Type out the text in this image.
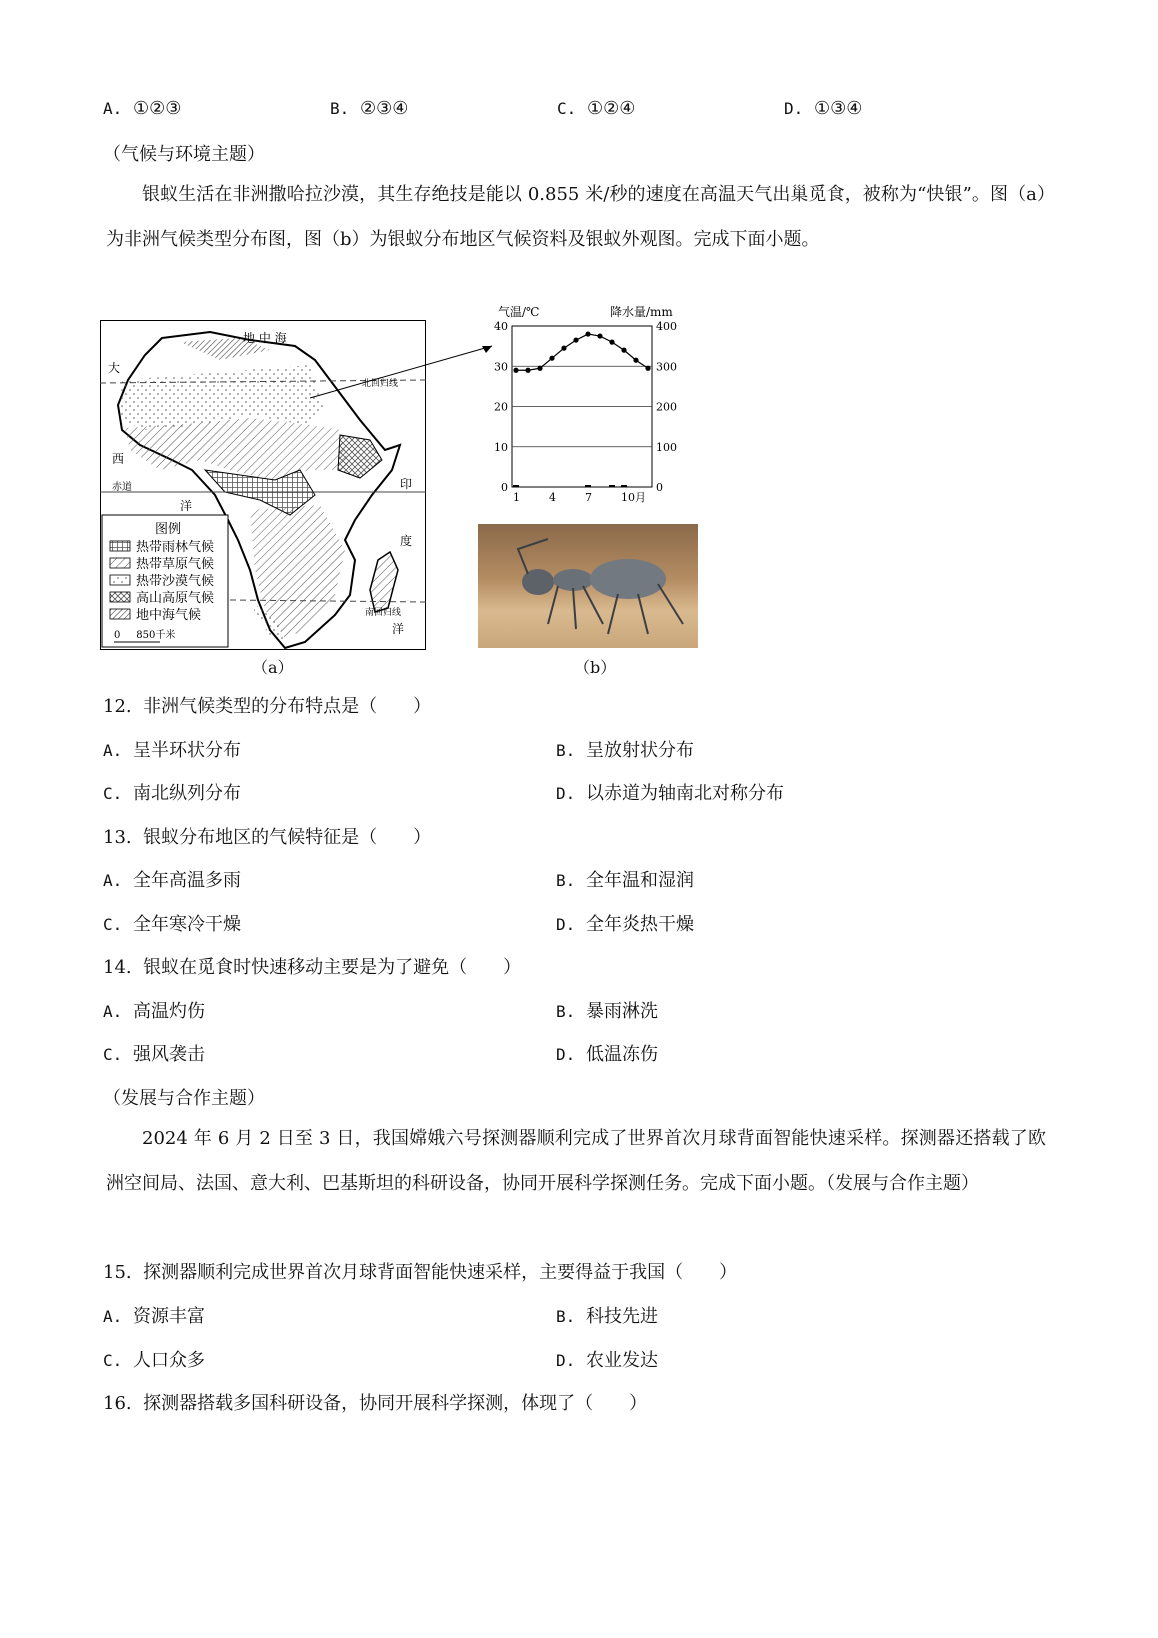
A. ①②③	B. ②③④	C. ①②④	D. ①③④
（气候与环境主题）
银蚁生活在非洲撒哈拉沙漠，其生存绝技是能以 0.855 米/秒的速度在高温天气出巢觅食，被称为“快银”。图（a）为非洲气候类型分布图，图（b）为银蚁分布地区气候资料及银蚁外观图。完成下面小题。
地 中 海
大
西
洋
印
度
洋
赤道
北回归线
南回归线
图例
热带雨林气候
热带草原气候
热带沙漠气候
高山高原气候
地中海气候
0     850千米
（a）
气温/℃	降水量/mm
0
10
20
30
40
0
100
200
300
400
1	4	7	10月
（b）
12. 非洲气候类型的分布特点是（　　）
A. 呈半环状分布	B. 呈放射状分布
C. 南北纵列分布	D. 以赤道为轴南北对称分布
13. 银蚁分布地区的气候特征是（　　）
A. 全年高温多雨	B. 全年温和湿润
C. 全年寒冷干燥	D. 全年炎热干燥
14. 银蚁在觅食时快速移动主要是为了避免（　　）
A. 高温灼伤	B. 暴雨淋洗
C. 强风袭击	D. 低温冻伤
（发展与合作主题）
2024 年 6 月 2 日至 3 日，我国嫦娥六号探测器顺利完成了世界首次月球背面智能快速采样。探测器还搭载了欧洲空间局、法国、意大利、巴基斯坦的科研设备，协同开展科学探测任务。完成下面小题。（发展与合作主题）
15. 探测器顺利完成世界首次月球背面智能快速采样，主要得益于我国（　　）
A. 资源丰富	B. 科技先进
C. 人口众多	D. 农业发达
16. 探测器搭载多国科研设备，协同开展科学探测，体现了（　　）
